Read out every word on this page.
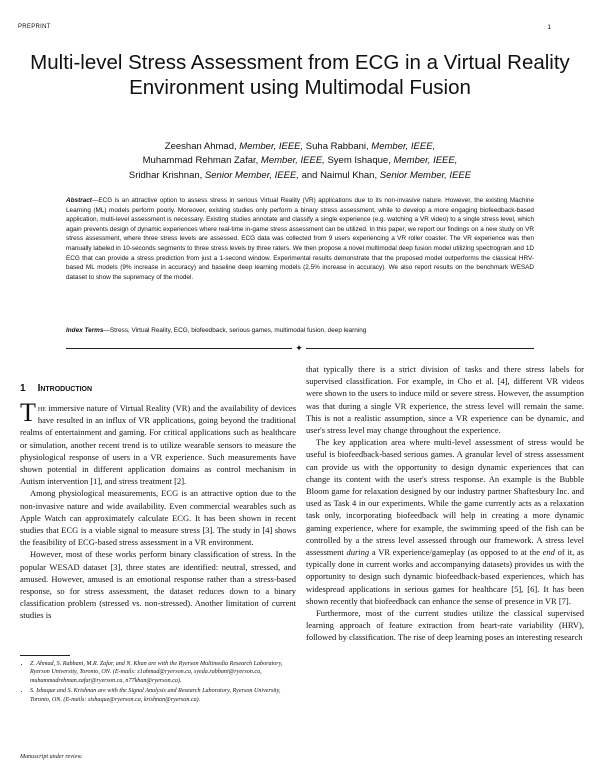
PREPRINT	1
Multi-level Stress Assessment from ECG in a Virtual Reality Environment using Multimodal Fusion
Zeeshan Ahmad, Member, IEEE, Suha Rabbani, Member, IEEE,
Muhammad Rehman Zafar, Member, IEEE, Syem Ishaque, Member, IEEE,
Sridhar Krishnan, Senior Member, IEEE, and Naimul Khan, Senior Member, IEEE

Abstract—ECG is an attractive option to assess stress in serious Virtual Reality (VR) applications due to its non-invasive nature. However, the existing Machine Learning (ML) models perform poorly. Moreover, existing studies only perform a binary stress assessment, while to develop a more engaging biofeedback-based application, multi-level assessment is necessary. Existing studies annotate and classify a single experience (e.g. watching a VR video) to a single stress level, which again prevents design of dynamic experiences where real-time in-game stress assessment can be utilized. In this paper, we report our findings on a new study on VR stress assessment, where three stress levels are assessed. ECG data was collected from 9 users experiencing a VR roller coaster. The VR experience was then manually labeled in 10-seconds segments to three stress levels by three raters. We then propose a novel multimodal deep fusion model utilizing spectrogram and 1D ECG that can provide a stress prediction from just a 1-second window. Experimental results demonstrate that the proposed model outperforms the classical HRV-based ML models (9% increase in accuracy) and baseline deep learning models (2.5% increase in accuracy). We also report results on the benchmark WESAD dataset to show the supremacy of the model.

Index Terms—Stress, Virtual Reality, ECG, biofeedback, serious games, multimodal fusion, deep learning
✦
1 Introduction

The immersive nature of Virtual Reality (VR) and the availability of devices have resulted in an influx of VR applications, going beyond the traditional realms of entertainment and gaming. For critical applications such as healthcare or simulation, another recent trend is to utilize wearable sensors to measure the physiological response of users in a VR experience. Such measurements have shown potential in different application domains as control mechanism in Autism intervention [1], and stress treatment [2].

Among physiological measurements, ECG is an attractive option due to the non-invasive nature and wide availability. Even commercial wearables such as Apple Watch can approximately calculate ECG. It has been shown in recent studies that ECG is a viable signal to measure stress [3]. The study in [4] shows the feasibility of ECG-based stress assessment in a VR environment.

However, most of these works perform binary classification of stress. In the popular WESAD dataset [3], three states are identified: neutral, stressed, and amused. However, amused is an emotional response rather than a stress-based response, so for stress assessment, the dataset reduces down to a binary classification problem (stressed vs. non-stressed). Another limitation of current studies is

• Z. Ahmad, S. Rabbani, M.R. Zafar, and N. Khan are with the Ryerson Multimedia Research Laboratory, Ryerson University, Toronto, ON. (E-mails: z1ahmad@ryerson.ca, syeda.rabbani@ryerson.ca, muhammadrehman.zafar@ryerson.ca, n77khan@ryerson.ca).
• S. Ishaque and S. Krishnan are with the Signal Analysis and Research Laboratory, Ryerson University, Toronto, ON. (E-mails: sishaque@ryerson.ca, krishnan@ryerson.ca).
Manuscript under review.

that typically there is a strict division of tasks and there stress labels for supervised classification. For example, in Cho et al. [4], different VR videos were shown to the users to induce mild or severe stress. However, the assumption was that during a single VR experience, the stress level will remain the same. This is not a realistic assumption, since a VR experience can be dynamic, and user's stress level may change throughout the experience.

The key application area where multi-level assessment of stress would be useful is biofeedback-based serious games. A granular level of stress assessment can provide us with the opportunity to design dynamic experiences that can change its content with the user's stress response. An example is the Bubble Bloom game for relaxation designed by our industry partner Shaftesbury Inc. and used as Task 4 in our experiments. While the game currently acts as a relaxation task only, incorporating biofeedback will help in creating a more dynamic gaming experience, where for example, the swimming speed of the fish can be controlled by a the stress level assessed through our framework. A stress level assessment during a VR experience/gameplay (as opposed to at the end of it, as typically done in current works and accompanying datasets) provides us with the opportunity to design such dynamic biofeedback-based experiences, which has widespread applications in serious games for healthcare [5], [6]. It has been shown recently that biofeedback can enhance the sense of presence in VR [7].

Furthermore, most of the current studies utilize the classical supervised learning approach of feature extraction from heart-rate variability (HRV), followed by classification. The rise of deep learning poses an interesting research
